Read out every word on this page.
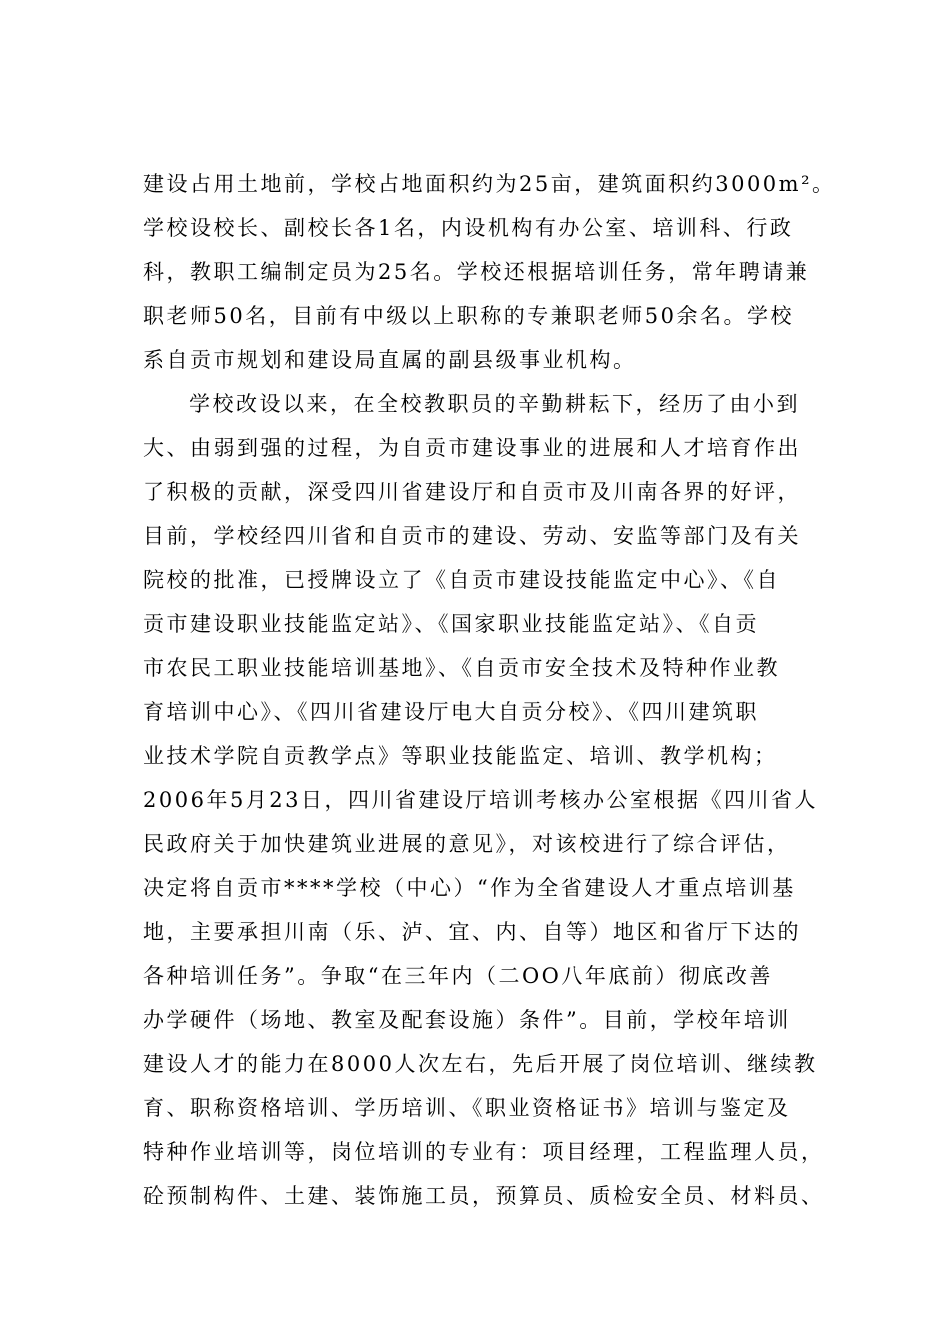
建设占用土地前，学校占地面积约为25亩，建筑面积约3000m²。
学校设校长、副校长各1名，内设机构有办公室、培训科、行政
科，教职工编制定员为25名。学校还根据培训任务，常年聘请兼
职老师50名，目前有中级以上职称的专兼职老师50余名。学校
系自贡市规划和建设局直属的副县级事业机构。
学校改设以来，在全校教职员的辛勤耕耘下，经历了由小到
大、由弱到强的过程，为自贡市建设事业的进展和人才培育作出
了积极的贡献，深受四川省建设厅和自贡市及川南各界的好评，
目前，学校经四川省和自贡市的建设、劳动、安监等部门及有关
院校的批准，已授牌设立了《自贡市建设技能监定中心》、《自
贡市建设职业技能监定站》、《国家职业技能监定站》、《自贡
市农民工职业技能培训基地》、《自贡市安全技术及特种作业教
育培训中心》、《四川省建设厅电大自贡分校》、《四川建筑职
业技术学院自贡教学点》等职业技能监定、培训、教学机构；
2006年5月23日，四川省建设厅培训考核办公室根据《四川省人
民政府关于加快建筑业进展的意见》，对该校进行了综合评估，
决定将自贡市****学校（中心）“作为全省建设人才重点培训基
地，主要承担川南（乐、泸、宜、内、自等）地区和省厅下达的
各种培训任务”。争取“在三年内（二OO八年底前）彻底改善
办学硬件（场地、教室及配套设施）条件”。目前，学校年培训
建设人才的能力在8000人次左右，先后开展了岗位培训、继续教
育、职称资格培训、学历培训、《职业资格证书》培训与鉴定及
特种作业培训等，岗位培训的专业有：项目经理，工程监理人员，
砼预制构件、土建、装饰施工员，预算员、质检安全员、材料员、
